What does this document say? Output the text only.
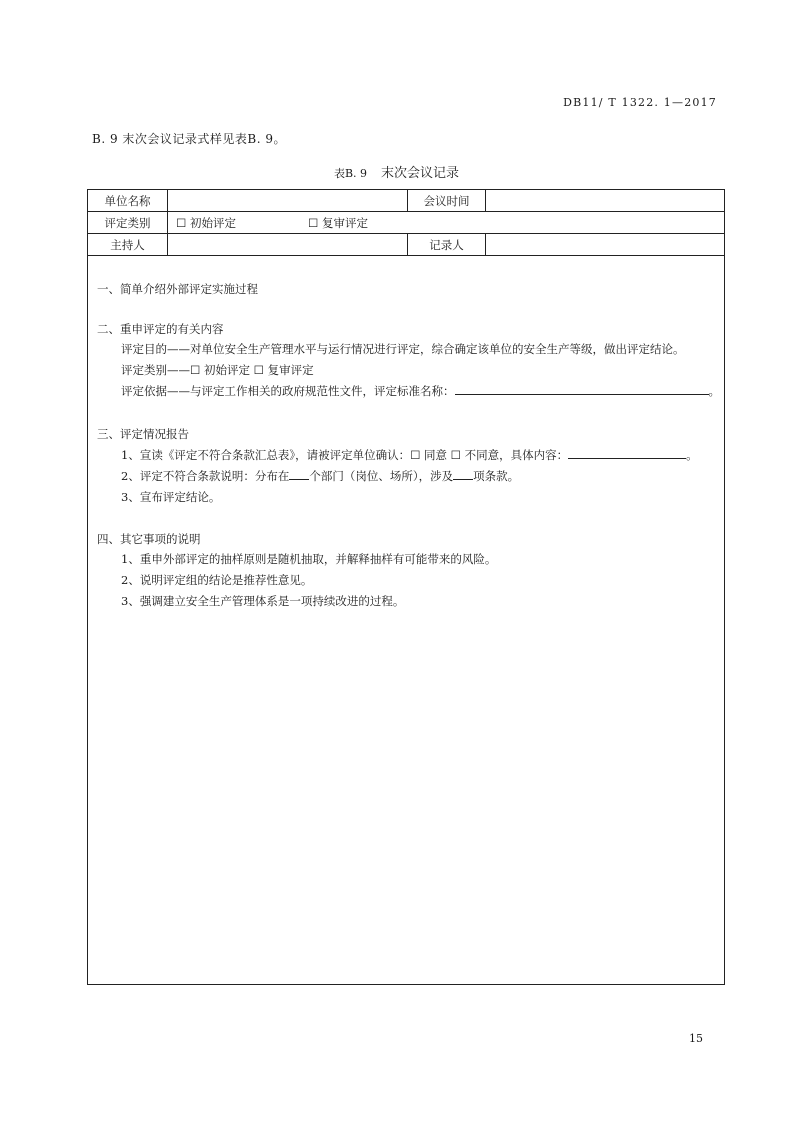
DB11/ T 1322. 1—2017
B. 9 末次会议记录式样见表B. 9。
表B. 9 末次会议记录
单位名称	会议时间
评定类别	☐ 初始评定	☐ 复审评定
主持人	记录人
一、简单介绍外部评定实施过程
二、重申评定的有关内容
评定目的——对单位安全生产管理水平与运行情况进行评定，综合确定该单位的安全生产等级，做出评定结论。
评定类别——☐ 初始评定 ☐ 复审评定
评定依据——与评定工作相关的政府规范性文件，评定标准名称：	。
三、评定情况报告
1、宣读《评定不符合条款汇总表》，请被评定单位确认：☐ 同意 ☐ 不同意，具体内容：	。
2、评定不符合条款说明：分布在 个部门（岗位、场所），涉及 项条款。
3、宣布评定结论。
四、其它事项的说明
1、重申外部评定的抽样原则是随机抽取，并解释抽样有可能带来的风险。
2、说明评定组的结论是推荐性意见。
3、强调建立安全生产管理体系是一项持续改进的过程。
15
